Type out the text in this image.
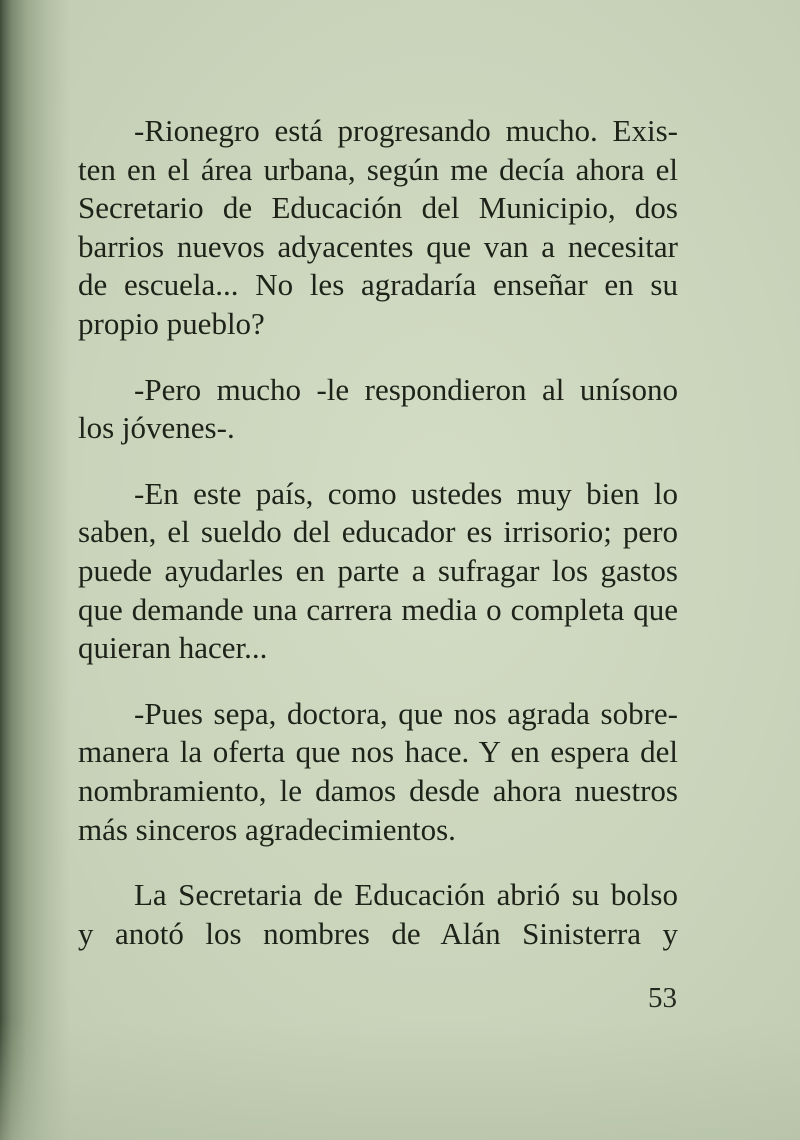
-Rionegro está progresando mucho. Exis-
ten en el área urbana, según me decía ahora el
Secretario de Educación del Municipio, dos
barrios nuevos adyacentes que van a necesitar
de escuela... No les agradaría enseñar en su
propio pueblo?
-Pero mucho -le respondieron al unísono
los jóvenes-.
-En este país, como ustedes muy bien lo
saben, el sueldo del educador es irrisorio; pero
puede ayudarles en parte a sufragar los gastos
que demande una carrera media o completa que
quieran hacer...
-Pues sepa, doctora, que nos agrada sobre-
manera la oferta que nos hace. Y en espera del
nombramiento, le damos desde ahora nuestros
más sinceros agradecimientos.
La Secretaria de Educación abrió su bolso
y anotó los nombres de Alán Sinisterra y
53
